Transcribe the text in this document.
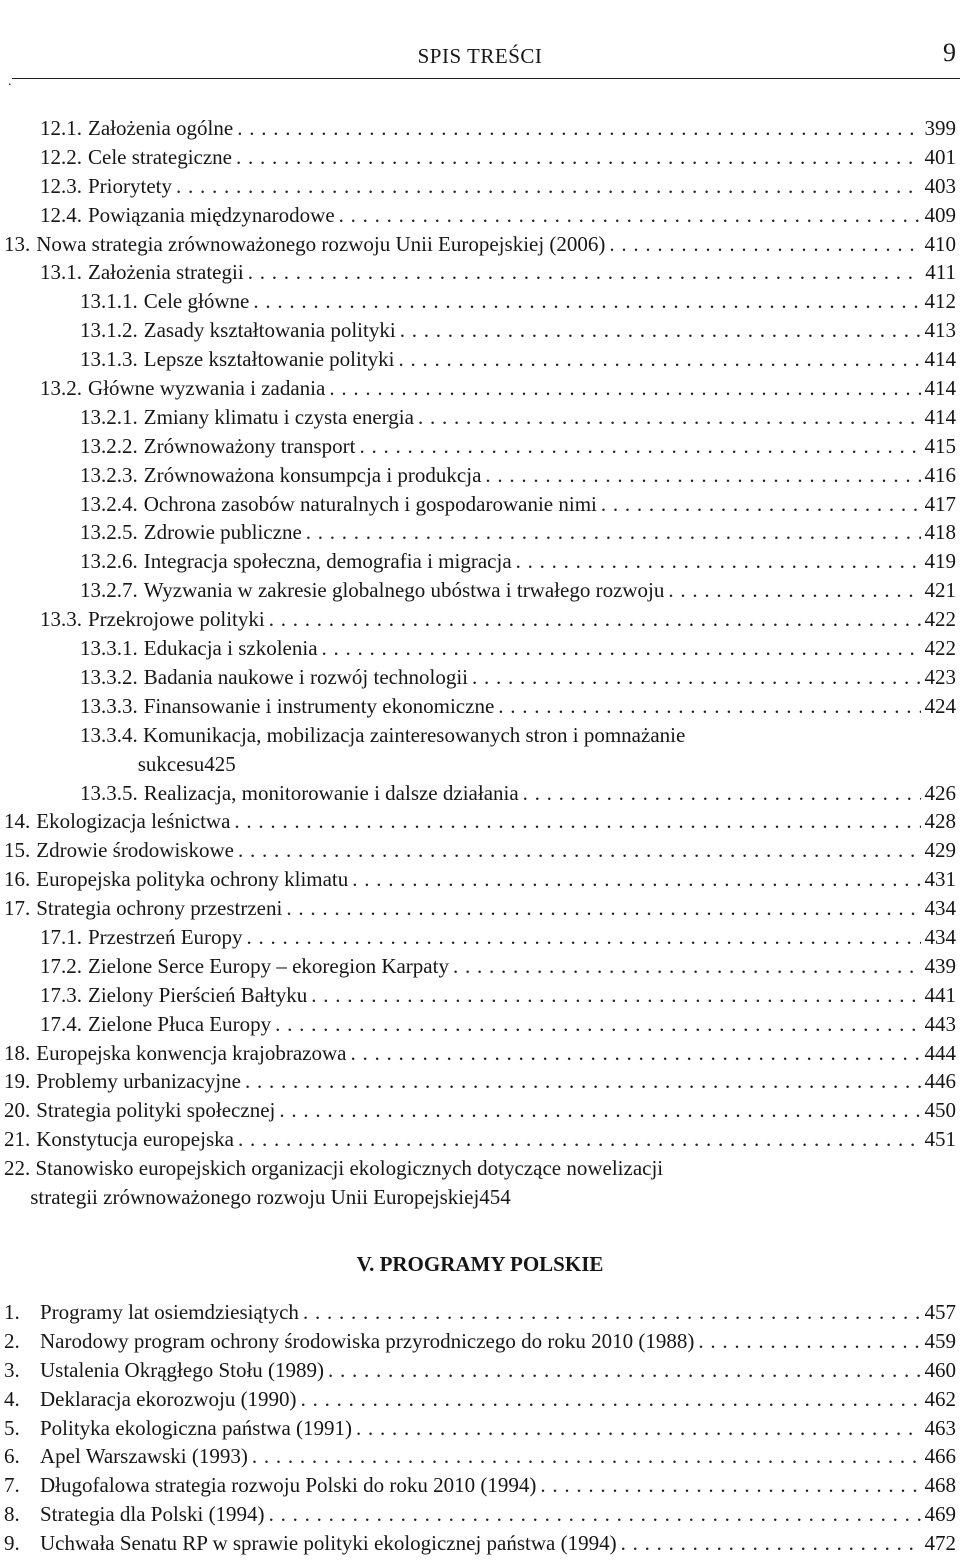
.
SPIS TREŚCI	9
12.1. Założenia ogólne . . .	399
12.2. Cele strategiczne . . .	401
12.3. Priorytety . . .	403
12.4. Powiązania międzynarodowe . . .	409
13. Nowa strategia zrównoważonego rozwoju Unii Europejskiej (2006) . . .	410
13.1. Założenia strategii . . .	411
13.1.1. Cele główne . . .	412
13.1.2. Zasady kształtowania polityki . . .	413
13.1.3. Lepsze kształtowanie polityki . . .	414
13.2. Główne wyzwania i zadania . . .	414
13.2.1. Zmiany klimatu i czysta energia . . .	414
13.2.2. Zrównoważony transport . . .	415
13.2.3. Zrównoważona konsumpcja i produkcja . . .	416
13.2.4. Ochrona zasobów naturalnych i gospodarowanie nimi . . .	417
13.2.5. Zdrowie publiczne . . .	418
13.2.6. Integracja społeczna, demografia i migracja . . .	419
13.2.7. Wyzwania w zakresie globalnego ubóstwa i trwałego rozwoju . . .	421
13.3. Przekrojowe polityki . . .	422
13.3.1. Edukacja i szkolenia . . .	422
13.3.2. Badania naukowe i rozwój technologii . . .	423
13.3.3. Finansowanie i instrumenty ekonomiczne . . .	424
13.3.4. Komunikacja, mobilizacja zainteresowanych stron i pomnażanie
sukcesu 425
13.3.5. Realizacja, monitorowanie i dalsze działania . . .	426
14. Ekologizacja leśnictwa . . .	428
15. Zdrowie środowiskowe . . .	429
16. Europejska polityka ochrony klimatu . . .	431
17. Strategia ochrony przestrzeni . . .	434
17.1. Przestrzeń Europy . . .	434
17.2. Zielone Serce Europy – ekoregion Karpaty . . .	439
17.3. Zielony Pierścień Bałtyku . . .	441
17.4. Zielone Płuca Europy . . .	443
18. Europejska konwencja krajobrazowa . . .	444
19. Problemy urbanizacyjne . . .	446
20. Strategia polityki społecznej . . .	450
21. Konstytucja europejska . . .	451
22. Stanowisko europejskich organizacji ekologicznych dotyczące nowelizacji
strategii zrównoważonego rozwoju Unii Europejskiej 454
V. PROGRAMY POLSKIE
1. Programy lat osiemdziesiątych . . .	457
2. Narodowy program ochrony środowiska przyrodniczego do roku 2010 (1988) . . .	459
3. Ustalenia Okrągłego Stołu (1989) . . .	460
4. Deklaracja ekorozwoju (1990) . . .	462
5. Polityka ekologiczna państwa (1991) . . .	463
6. Apel Warszawski (1993) . . .	466
7. Długofalowa strategia rozwoju Polski do roku 2010 (1994) . . .	468
8. Strategia dla Polski (1994) . . .	469
9. Uchwała Senatu RP w sprawie polityki ekologicznej państwa (1994) . . .	472
